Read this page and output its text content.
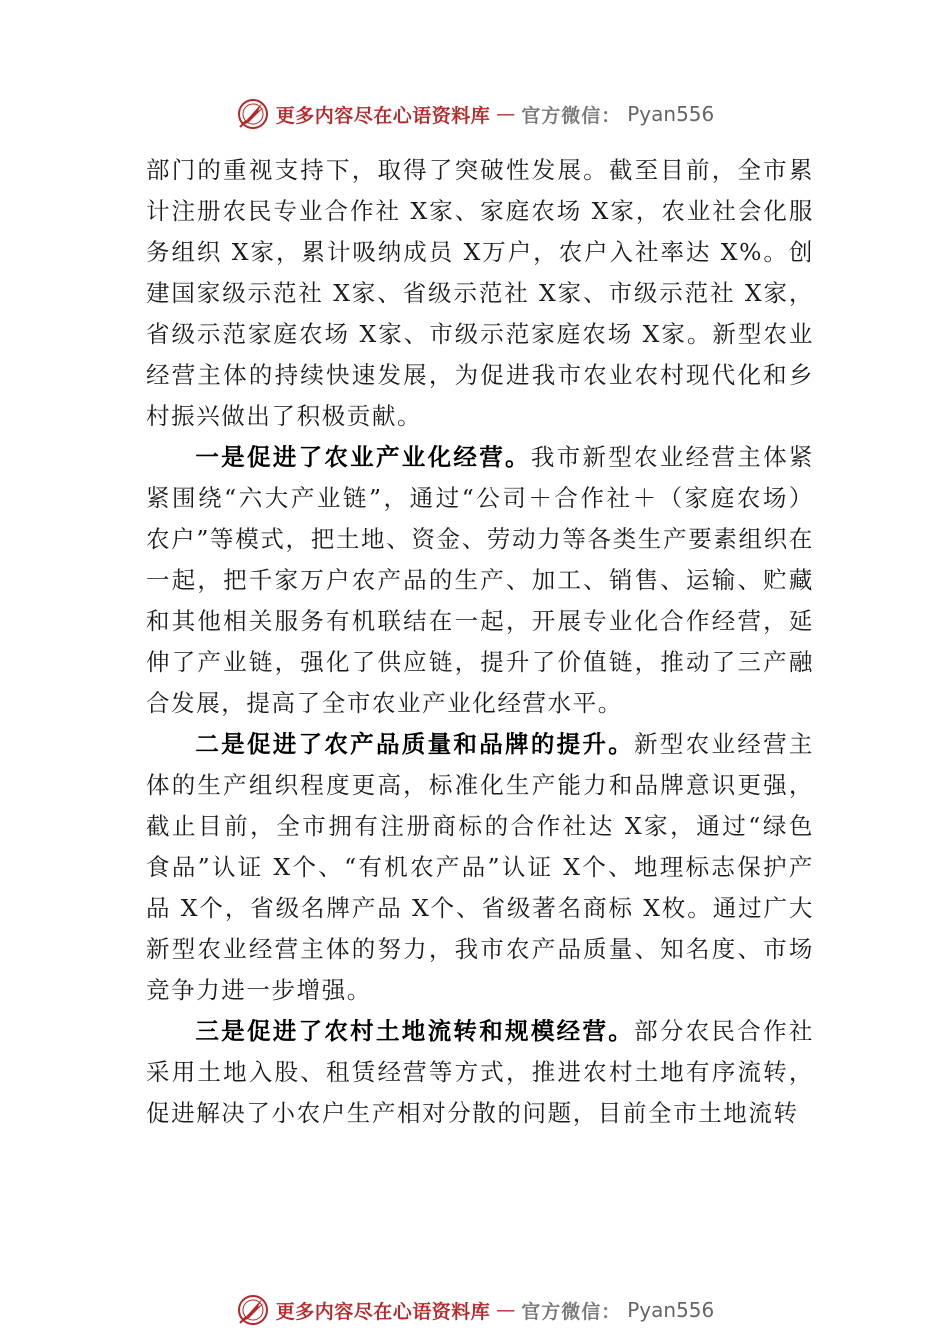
更多内容尽在心语资料库 — 官方微信： Pyan556

部门的重视支持下，取得了突破性发展。截至目前，全市累计注册农民专业合作社 X家、家庭农场 X家，农业社会化服务组织 X家，累计吸纳成员 X万户，农户入社率达 X%。创建国家级示范社 X家、省级示范社 X家、市级示范社 X家，省级示范家庭农场 X家、市级示范家庭农场 X家。新型农业经营主体的持续快速发展，为促进我市农业农村现代化和乡村振兴做出了积极贡献。

一是促进了农业产业化经营。我市新型农业经营主体紧紧围绕“六大产业链”，通过“公司＋合作社＋（家庭农场）农户”等模式，把土地、资金、劳动力等各类生产要素组织在一起，把千家万户农产品的生产、加工、销售、运输、贮藏和其他相关服务有机联结在一起，开展专业化合作经营，延伸了产业链，强化了供应链，提升了价值链，推动了三产融合发展，提高了全市农业产业化经营水平。

二是促进了农产品质量和品牌的提升。新型农业经营主体的生产组织程度更高，标准化生产能力和品牌意识更强，截止目前，全市拥有注册商标的合作社达 X家，通过“绿色食品”认证 X个、“有机农产品”认证 X个、地理标志保护产品 X个，省级名牌产品 X个、省级著名商标 X枚。通过广大新型农业经营主体的努力，我市农产品质量、知名度、市场竞争力进一步增强。

三是促进了农村土地流转和规模经营。部分农民合作社采用土地入股、租赁经营等方式，推进农村土地有序流转，促进解决了小农户生产相对分散的问题，目前全市土地流转

更多内容尽在心语资料库 — 官方微信： Pyan556
